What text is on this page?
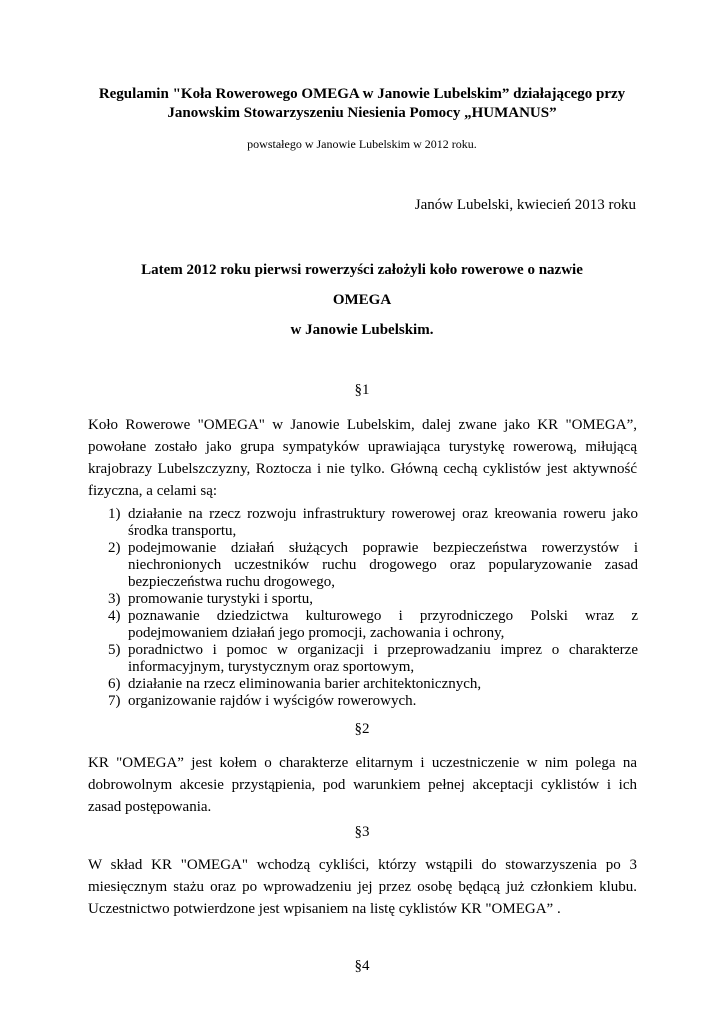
Regulamin "Koła Rowerowego OMEGA w Janowie Lubelskim” działającego przy
Janowskim Stowarzyszeniu Niesienia Pomocy „HUMANUS”
powstałego w Janowie Lubelskim w 2012 roku.
Janów Lubelski, kwiecień 2013 roku
Latem 2012 roku pierwsi rowerzyści założyli koło rowerowe o nazwie
OMEGA
w Janowie Lubelskim.
§1
Koło Rowerowe "OMEGA" w Janowie Lubelskim, dalej zwane jako KR "OMEGA”, powołane zostało jako grupa sympatyków uprawiająca turystykę rowerową, miłującą krajobrazy Lubelszczyzny, Roztocza i nie tylko. Główną cechą cyklistów jest aktywność fizyczna, a celami są:
1) działanie na rzecz rozwoju infrastruktury rowerowej oraz kreowania roweru jako środka transportu,
2) podejmowanie działań służących poprawie bezpieczeństwa rowerzystów i niechronionych uczestników ruchu drogowego oraz popularyzowanie zasad bezpieczeństwa ruchu drogowego,
3) promowanie turystyki i sportu,
4) poznawanie dziedzictwa kulturowego i przyrodniczego Polski wraz z podejmowaniem działań jego promocji, zachowania i ochrony,
5) poradnictwo i pomoc w organizacji i przeprowadzaniu imprez o charakterze informacyjnym, turystycznym oraz sportowym,
6) działanie na rzecz eliminowania barier architektonicznych,
7) organizowanie rajdów i wyścigów rowerowych.
§2
KR "OMEGA” jest kołem o charakterze elitarnym i uczestniczenie w nim polega na dobrowolnym akcesie przystąpienia, pod warunkiem pełnej akceptacji cyklistów i ich zasad postępowania.
§3
W skład KR "OMEGA" wchodzą cykliści, którzy wstąpili do stowarzyszenia po 3 miesięcznym stażu oraz po wprowadzeniu jej przez osobę będącą już członkiem klubu. Uczestnictwo potwierdzone jest wpisaniem na listę cyklistów KR "OMEGA” .
§4
